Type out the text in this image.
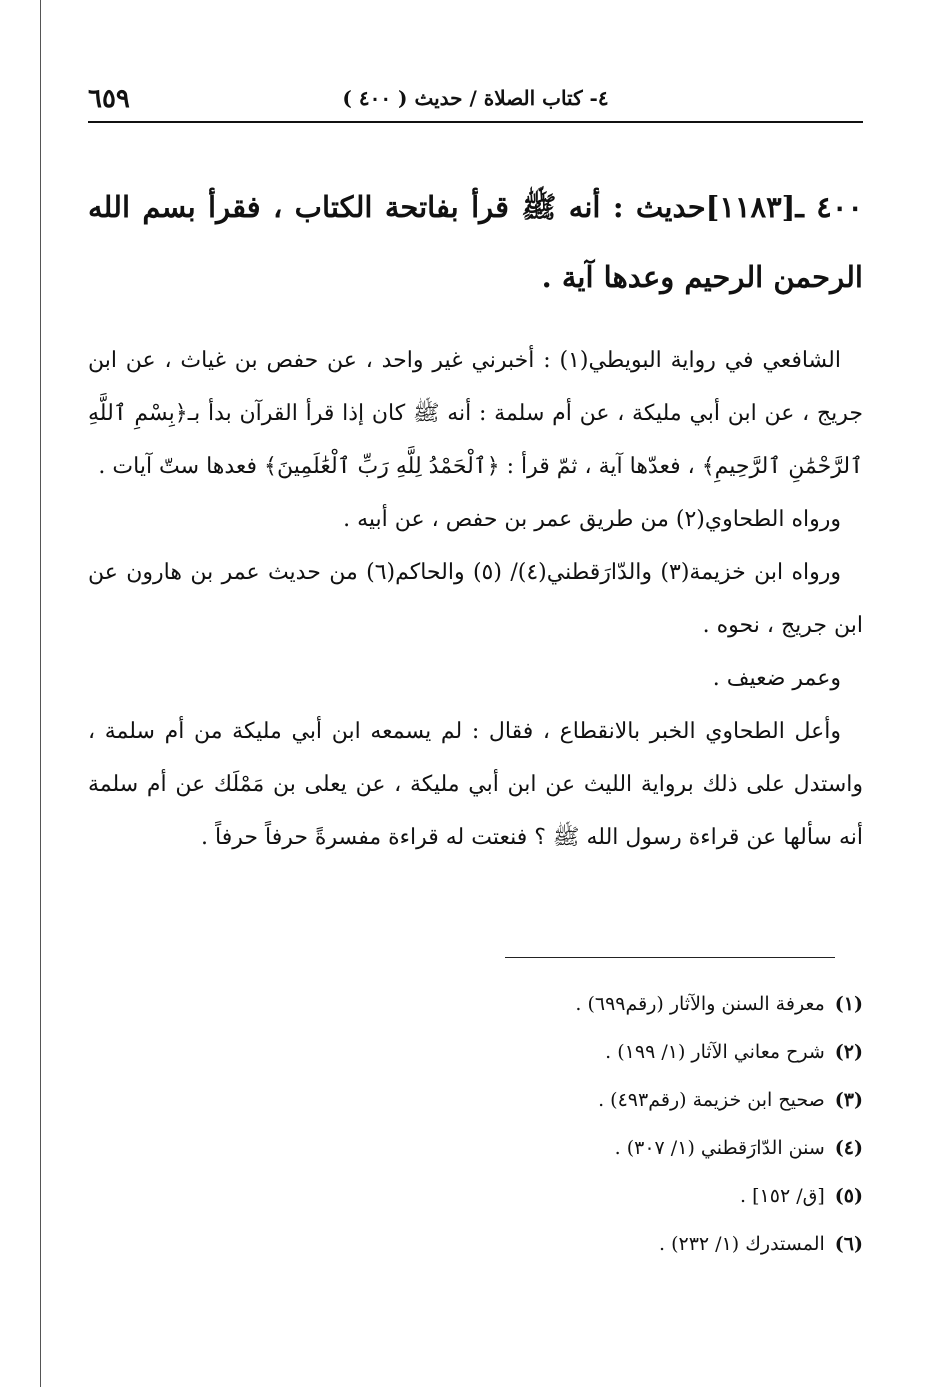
٤- كتاب الصلاة / حديث ( ٤٠٠ )
٦٥٩

٤٠٠ ـ[١١٨٣]حديث : أنه ﷺ قرأ بفاتحة الكتاب ، فقرأ بسم الله الرحمن الرحيم وعدها آية .

الشافعي في رواية البويطي(١) : أخبرني غير واحد ، عن حفص بن غياث ، عن ابن جريج ، عن ابن أبي مليكة ، عن أم سلمة : أنه ﷺ كان إذا قرأ القرآن بدأ بـ﴿بِسْمِ ٱللَّهِ ٱلرَّحْمَٰنِ ٱلرَّحِيمِ﴾ ، فعدّها آية ، ثمّ قرأ : ﴿ٱلْحَمْدُ لِلَّهِ رَبِّ ٱلْعَٰلَمِينَ﴾ فعدها ستّ آيات .

ورواه الطحاوي(٢) من طريق عمر بن حفص ، عن أبيه .

ورواه ابن خزيمة(٣) والدّارَقطني(٤)/ (٥) والحاكم(٦) من حديث عمر بن هارون عن ابن جريج ، نحوه .

وعمر ضعيف .

وأعل الطحاوي الخبر بالانقطاع ، فقال : لم يسمعه ابن أبي مليكة من أم سلمة ، واستدل على ذلك برواية الليث عن ابن أبي مليكة ، عن يعلى بن مَمْلَك عن أم سلمة أنه سألها عن قراءة رسول الله ﷺ ؟ فنعتت له قراءة مفسرةً حرفاً حرفاً .

(١)معرفة السنن والآثار (رقم٦٩٩) .
(٢)شرح معاني الآثار (١/ ١٩٩) .
(٣)صحيح ابن خزيمة (رقم٤٩٣) .
(٤)سنن الدّارَقطني (١/ ٣٠٧) .
(٥)[ق/ ١٥٢] .
(٦)المستدرك (١/ ٢٣٢) .
